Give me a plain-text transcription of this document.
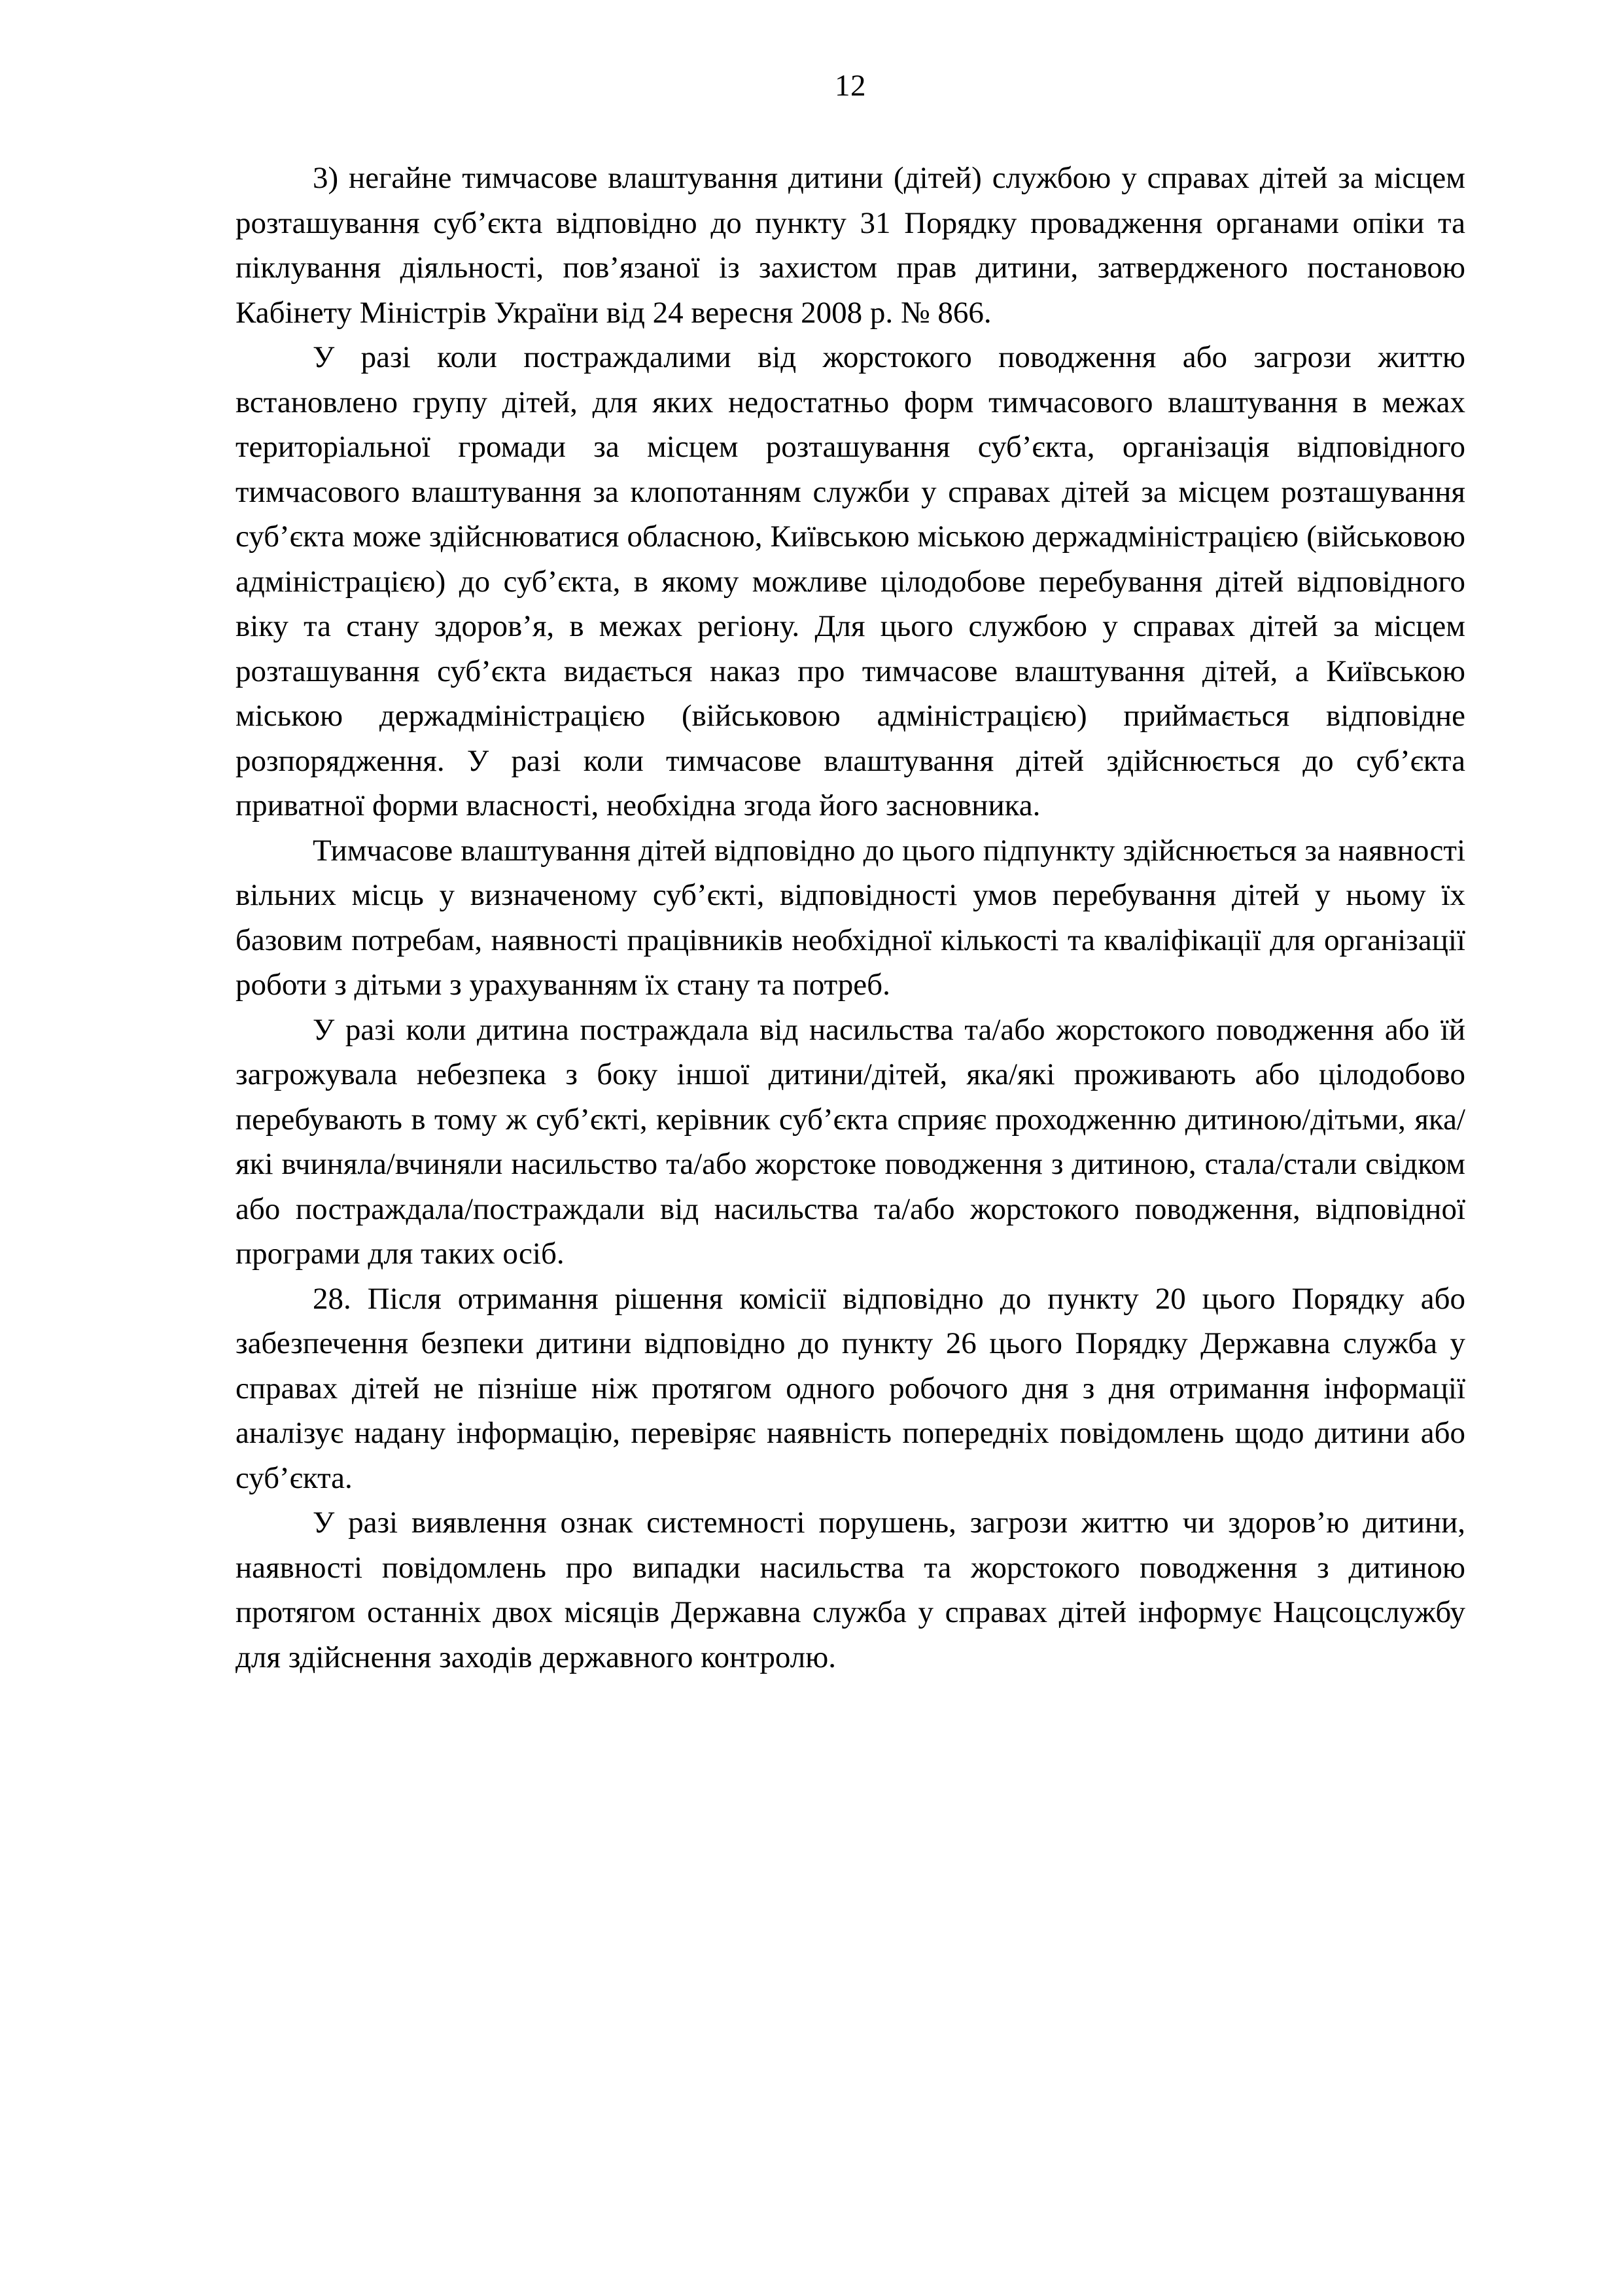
12

3) негайне тимчасове влаштування дитини (дітей) службою у справах дітей за місцем розташування суб’єкта відповідно до пункту 31 Порядку провадження органами опіки та піклування діяльності, пов’язаної із захистом прав дитини, затвердженого постановою Кабінету Міністрів України від 24 вересня 2008 р. № 866.

У разі коли постраждалими від жорстокого поводження або загрози життю встановлено групу дітей, для яких недостатньо форм тимчасового влаштування в межах територіальної громади за місцем розташування суб’єкта, організація відповідного тимчасового влаштування за клопотанням служби у справах дітей за місцем розташування суб’єкта може здійснюватися обласною, Київською міською держадміністрацією (військовою адміністрацією) до суб’єкта, в якому можливе цілодобове перебування дітей відповідного віку та стану здоров’я, в межах регіону. Для цього службою у справах дітей за місцем розташування суб’єкта видається наказ про тимчасове влаштування дітей, а Київською міською держадміністрацією (військовою адміністрацією) приймається відповідне розпорядження. У разі коли тимчасове влаштування дітей здійснюється до суб’єкта приватної форми власності, необхідна згода його засновника.

Тимчасове влаштування дітей відповідно до цього підпункту здійснюється за наявності вільних місць у визначеному суб’єкті, відповідності умов перебування дітей у ньому їх базовим потребам, наявності працівників необхідної кількості та кваліфікації для організації роботи з дітьми з урахуванням їх стану та потреб.

У разі коли дитина постраждала від насильства та/або жорстокого поводження або їй загрожувала небезпека з боку іншої дитини/дітей, яка/які проживають або цілодобово перебувають в тому ж суб’єкті, керівник суб’єкта сприяє проходженню дитиною/дітьми, яка/які вчиняла/вчиняли насильство та/або жорстоке поводження з дитиною, стала/стали свідком або постраждала/постраждали від насильства та/або жорстокого поводження, відповідної програми для таких осіб.

28. Після отримання рішення комісії відповідно до пункту 20 цього Порядку або забезпечення безпеки дитини відповідно до пункту 26 цього Порядку Державна служба у справах дітей не пізніше ніж протягом одного робочого дня з дня отримання інформації аналізує надану інформацію, перевіряє наявність попередніх повідомлень щодо дитини або суб’єкта.

У разі виявлення ознак системності порушень, загрози життю чи здоров’ю дитини, наявності повідомлень про випадки насильства та жорстокого поводження з дитиною протягом останніх двох місяців Державна служба у справах дітей інформує Нацсоцслужбу для здійснення заходів державного контролю.
